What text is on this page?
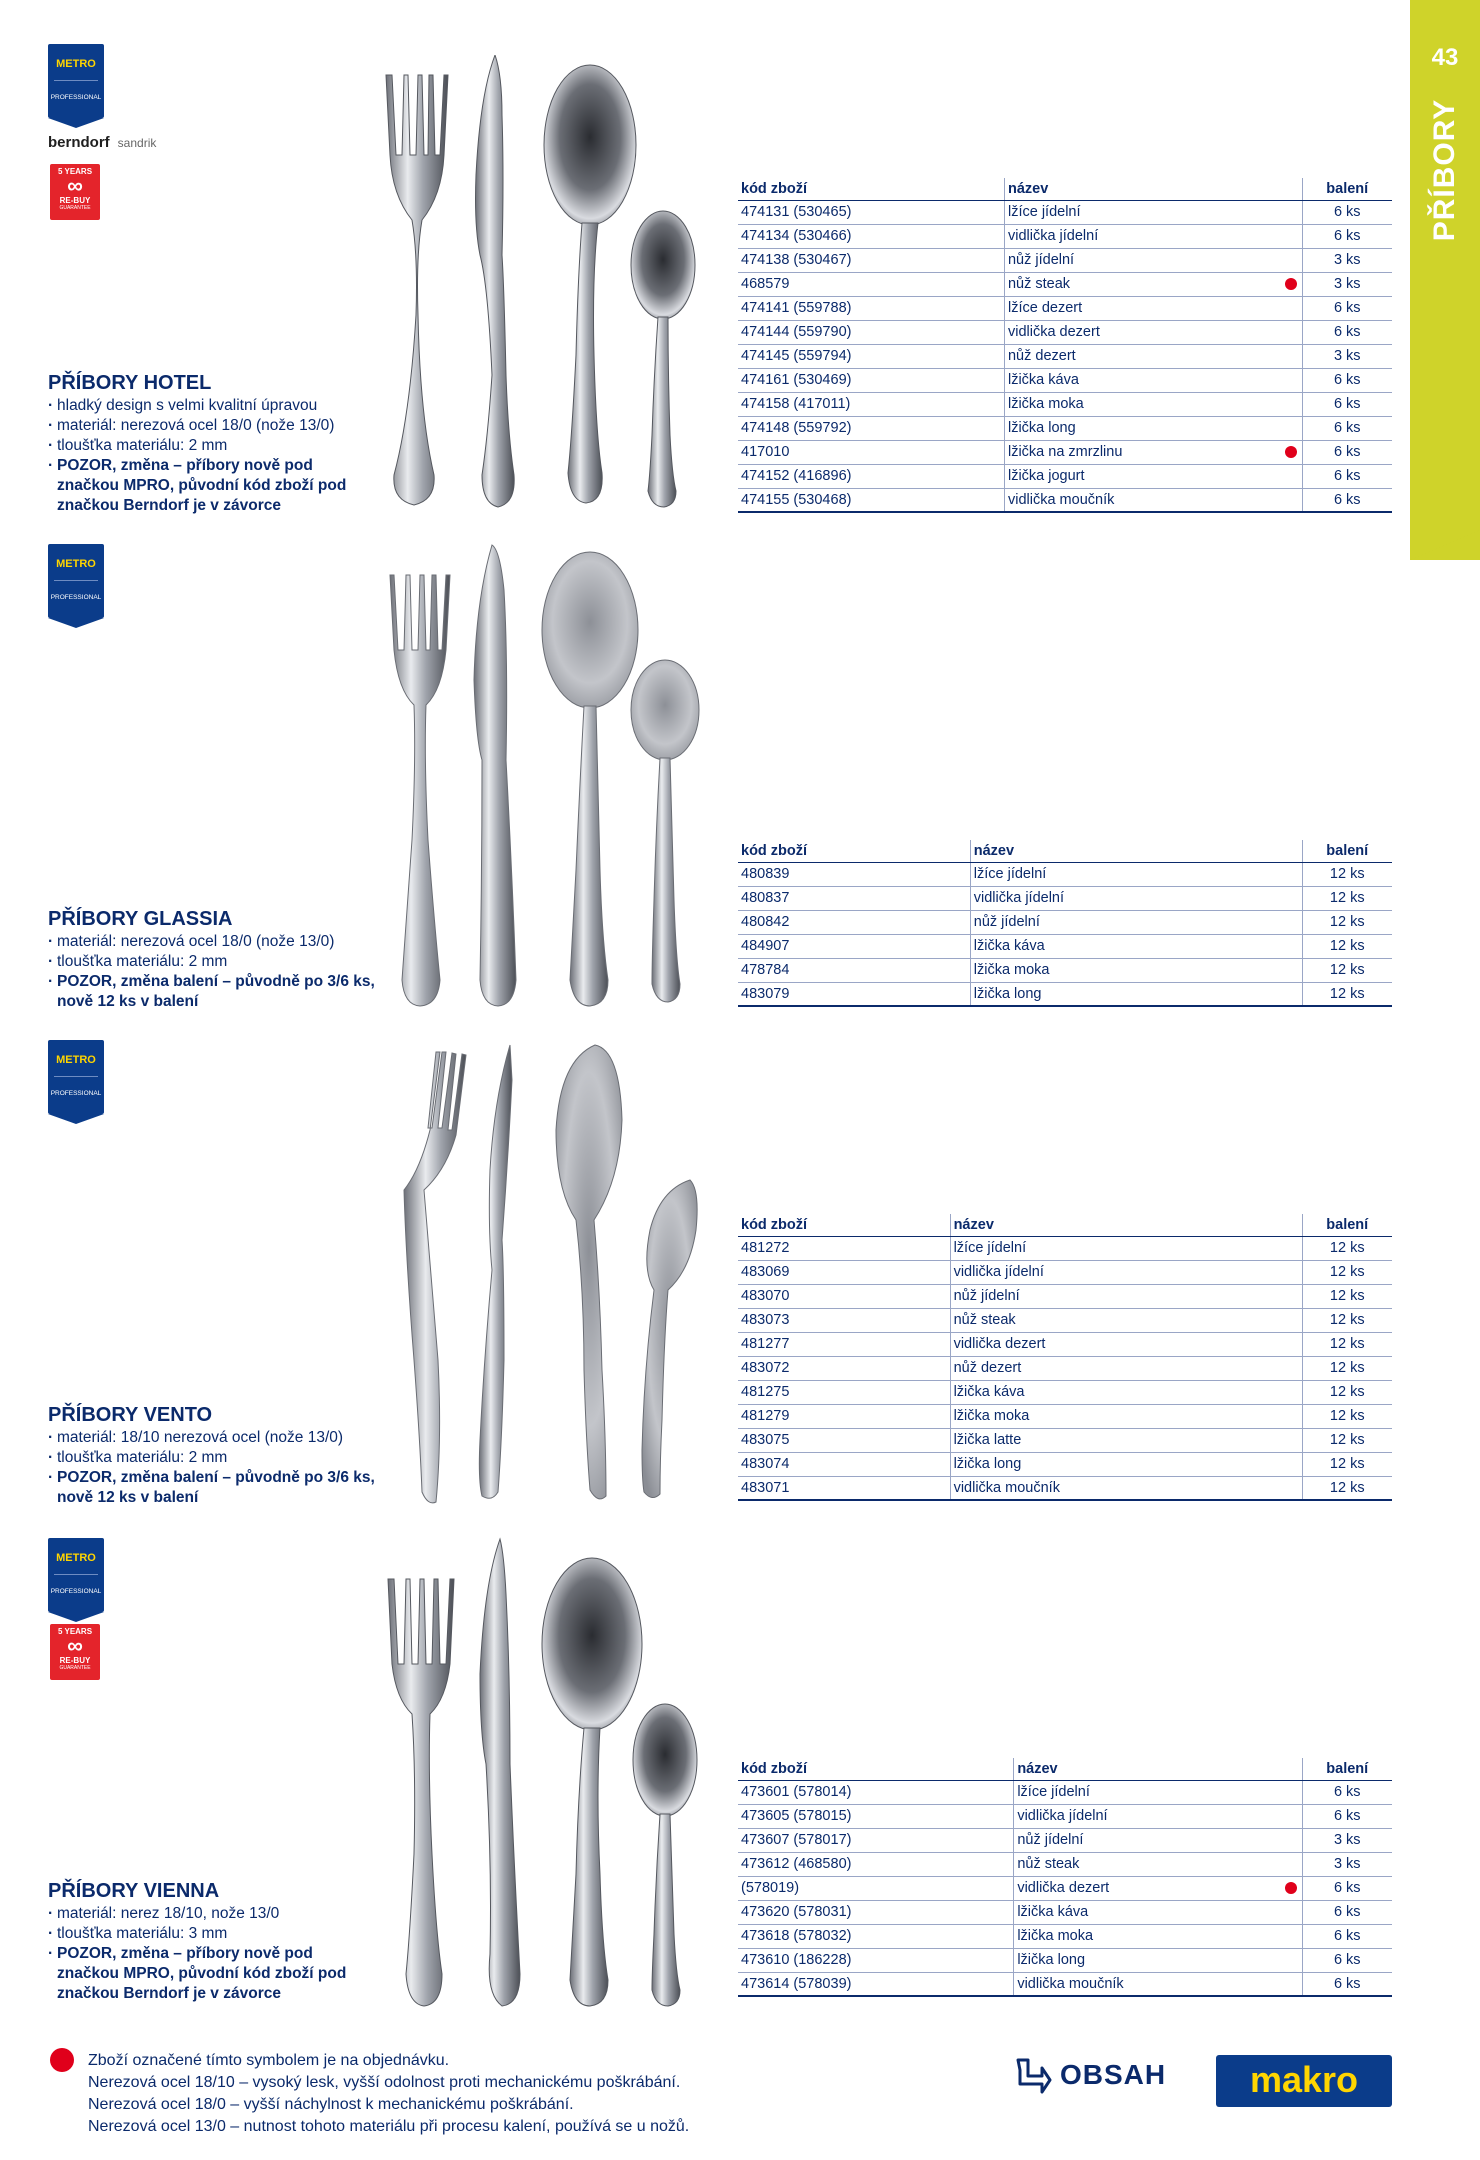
43
PŘÍBORY
METRO
PROFESSIONAL
berndorf sandrik
5 YEARS
∞
RE-BUY
GUARANTEE
PŘÍBORY HOTEL
· hladký design s velmi kvalitní úpravou
· materiál: nerezová ocel 18/0 (nože 13/0)
· tloušťka materiálu: 2 mm
· POZOR, změna – příbory nově pod značkou MPRO, původní kód zboží pod značkou Berndorf je v závorce
kód zboží	název		balení
474131 (530465)	lžíce jídelní		6 ks
474134 (530466)	vidlička jídelní		6 ks
474138 (530467)	nůž jídelní		3 ks
468579	nůž steak		3 ks
474141 (559788)	lžíce dezert		6 ks
474144 (559790)	vidlička dezert		6 ks
474145 (559794)	nůž dezert		3 ks
474161 (530469)	lžička káva		6 ks
474158 (417011)	lžička moka		6 ks
474148 (559792)	lžička long		6 ks
417010	lžička na zmrzlinu		6 ks
474152 (416896)	lžička jogurt		6 ks
474155 (530468)	vidlička moučník		6 ks
METRO
PROFESSIONAL
PŘÍBORY GLASSIA
· materiál: nerezová ocel 18/0 (nože 13/0)
· tloušťka materiálu: 2 mm
· POZOR, změna balení – původně po 3/6 ks, nově 12 ks v balení
kód zboží	název		balení
480839	lžíce jídelní		12 ks
480837	vidlička jídelní		12 ks
480842	nůž jídelní		12 ks
484907	lžička káva		12 ks
478784	lžička moka		12 ks
483079	lžička long		12 ks
METRO
PROFESSIONAL
PŘÍBORY VENTO
· materiál: 18/10 nerezová ocel (nože 13/0)
· tloušťka materiálu: 2 mm
· POZOR, změna balení – původně po 3/6 ks, nově 12 ks v balení
kód zboží	název		balení
481272	lžíce jídelní		12 ks
483069	vidlička jídelní		12 ks
483070	nůž jídelní		12 ks
483073	nůž steak		12 ks
481277	vidlička dezert		12 ks
483072	nůž dezert		12 ks
481275	lžička káva		12 ks
481279	lžička moka		12 ks
483075	lžička latte		12 ks
483074	lžička long		12 ks
483071	vidlička moučník		12 ks
METRO
PROFESSIONAL
5 YEARS
∞
RE-BUY
GUARANTEE
PŘÍBORY VIENNA
· materiál: nerez 18/10, nože 13/0
· tloušťka materiálu: 3 mm
· POZOR, změna – příbory nově pod značkou MPRO, původní kód zboží pod značkou Berndorf je v závorce
kód zboží	název		balení
473601 (578014)	lžíce jídelní		6 ks
473605 (578015)	vidlička jídelní		6 ks
473607 (578017)	nůž jídelní		3 ks
473612 (468580)	nůž steak		3 ks
(578019)	vidlička dezert		6 ks
473620 (578031)	lžička káva		6 ks
473618 (578032)	lžička moka		6 ks
473610 (186228)	lžička long		6 ks
473614 (578039)	vidlička moučník		6 ks
Zboží označené tímto symbolem je na objednávku.
Nerezová ocel 18/10 – vysoký lesk, vyšší odolnost proti mechanickému poškrábání.
Nerezová ocel 18/0 – vyšší náchylnost k mechanickému poškrábání.
Nerezová ocel 13/0 – nutnost tohoto materiálu při procesu kalení, používá se u nožů.
OBSAH	makro
